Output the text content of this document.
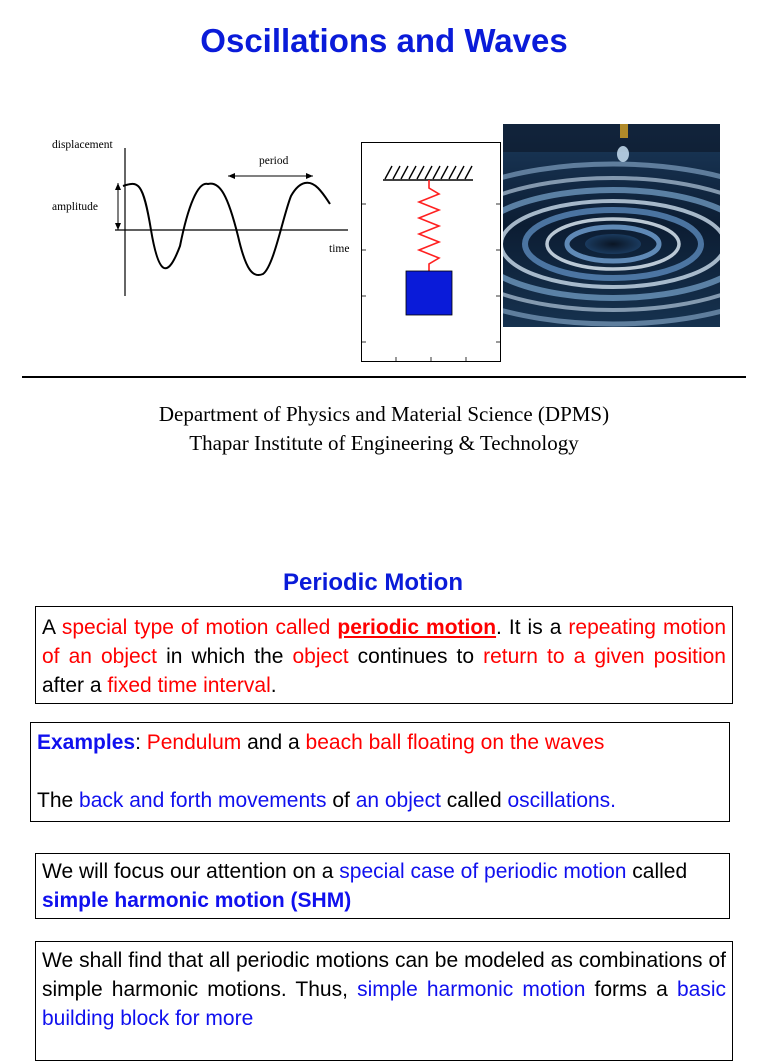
Oscillations and Waves
displacement
amplitude
period
time
Department of Physics and Material Science (DPMS)
Thapar Institute of Engineering & Technology
Periodic Motion
A special type of motion called periodic motion. It is a repeating motion of an object in which the object continues to return to a given position after a fixed time interval.
Examples: Pendulum and a beach ball floating on the waves
The back and forth movements of an object called oscillations.
We will focus our attention on a special case of periodic motion called simple harmonic motion (SHM)
We shall find that all periodic motions can be modeled as combinations of simple harmonic motions. Thus, simple harmonic motion forms a basic building block for more
